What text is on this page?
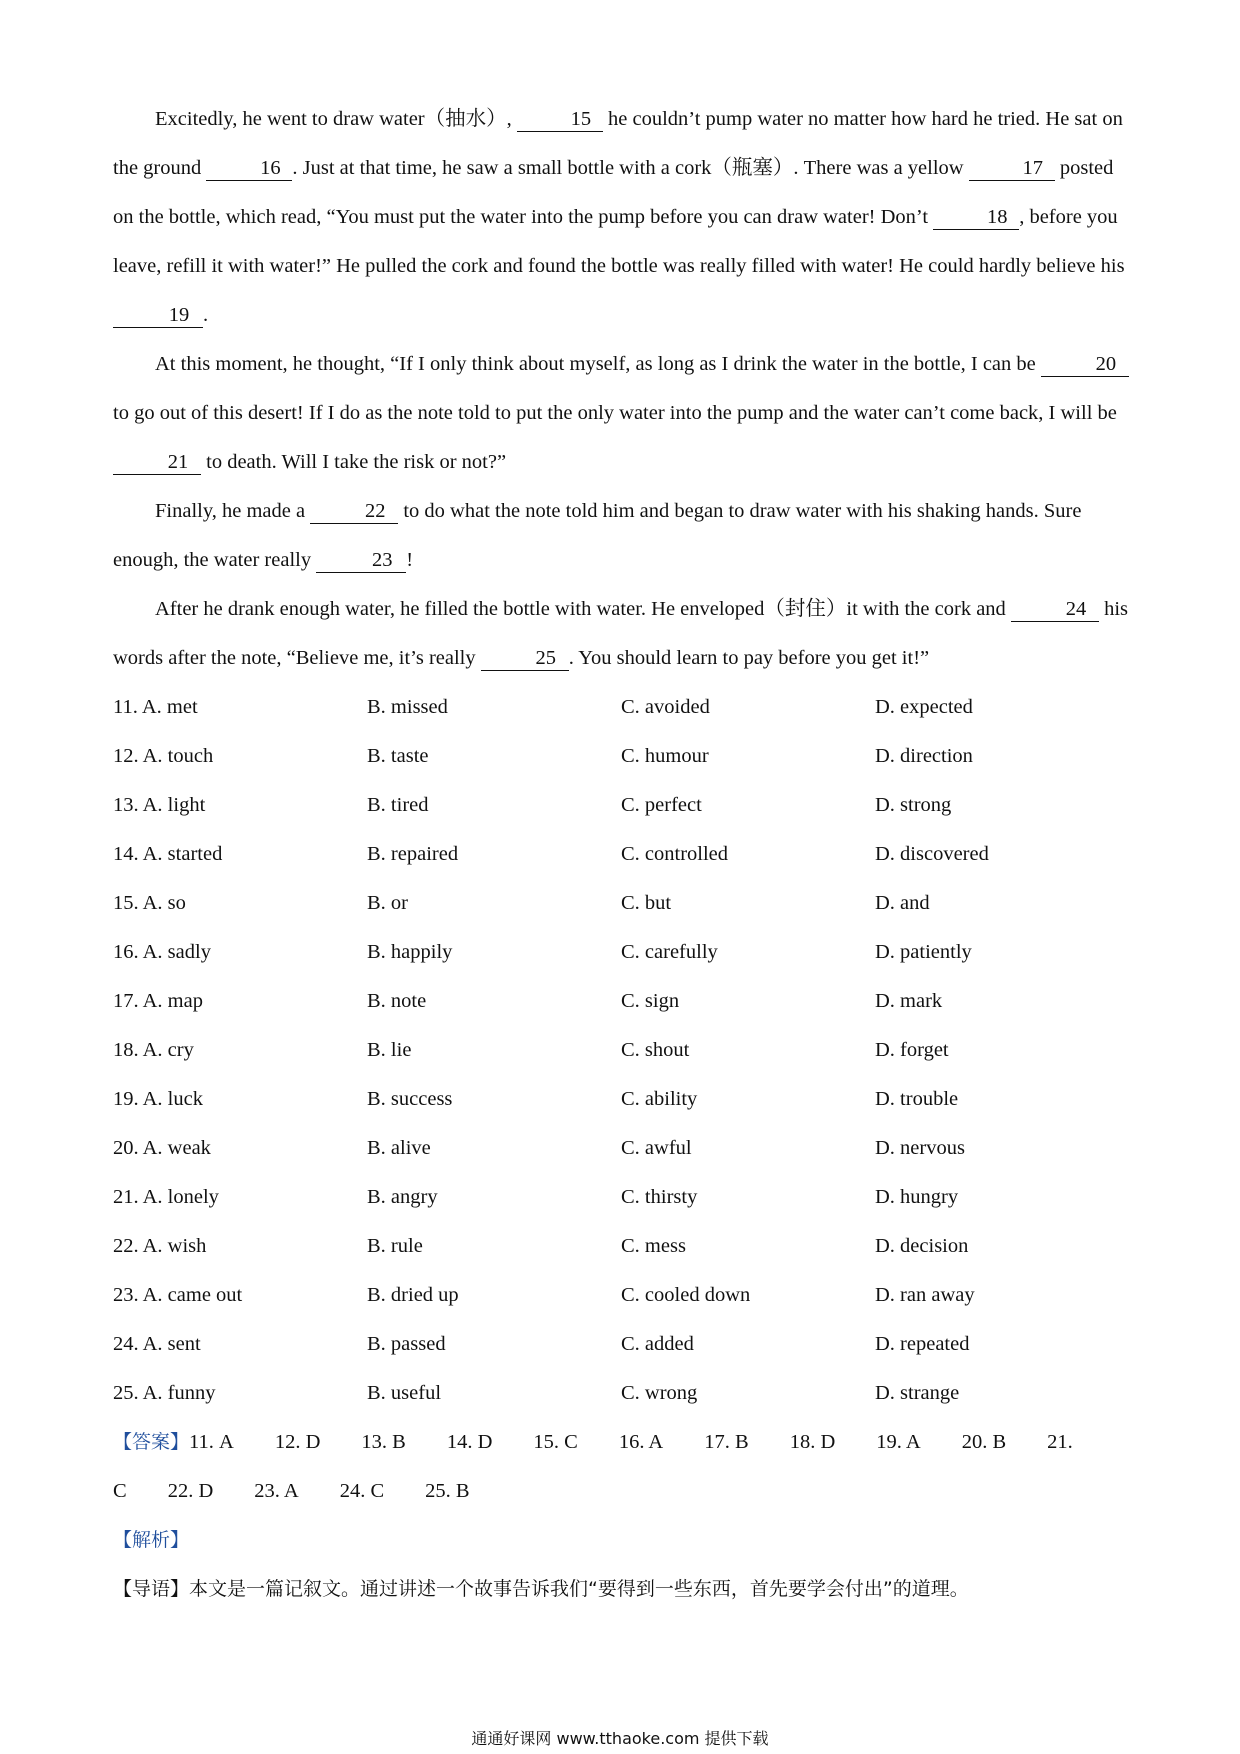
Excitedly, he went to draw water（抽水）,	15 he couldn’t pump water no matter how hard he tried. He sat on the ground	16 . Just at that time, he saw a small bottle with a cork（瓶塞）. There was a yellow	17 posted on the bottle, which read, “You must put the water into the pump before you can draw water! Don’t	18 , before you leave, refill it with water!” He pulled the cork and found the bottle was really filled with water! He could hardly believe his 19 .

At this moment, he thought, “If I only think about myself, as long as I drink the water in the bottle, I can be	20 to go out of this desert! If I do as the note told to put the only water into the pump and the water can’t come back, I will be 21 to death. Will I take the risk or not?”

Finally, he made a	22 to do what the note told him and began to draw water with his shaking hands. Sure enough, the water really	23 !

After he drank enough water, he filled the bottle with water. He enveloped（封住）it with the cork and	24 his words after the note, “Believe me, it’s really	25 . You should learn to pay before you get it!”

11. A. met	B. missed	C. avoided	D. expected
12. A. touch	B. taste	C. humour	D. direction
13. A. light	B. tired	C. perfect	D. strong
14. A. started	B. repaired	C. controlled	D. discovered
15. A. so	B. or	C. but	D. and
16. A. sadly	B. happily	C. carefully	D. patiently
17. A. map	B. note	C. sign	D. mark
18. A. cry	B. lie	C. shout	D. forget
19. A. luck	B. success	C. ability	D. trouble
20. A. weak	B. alive	C. awful	D. nervous
21. A. lonely	B. angry	C. thirsty	D. hungry
22. A. wish	B. rule	C. mess	D. decision
23. A. came out	B. dried up	C. cooled down	D. ran away
24. A. sent	B. passed	C. added	D. repeated
25. A. funny	B. useful	C. wrong	D. strange
【答案】11. A 12. D 13. B 14. D 15. C 16. A 17. B 18. D 19. A 20. B 21.
C 22. D 23. A 24. C 25. B
【解析】
【导语】本文是一篇记叙文。通过讲述一个故事告诉我们“要得到一些东西，首先要学会付出”的道理。
通通好课网 www.tthaoke.com 提供下载
